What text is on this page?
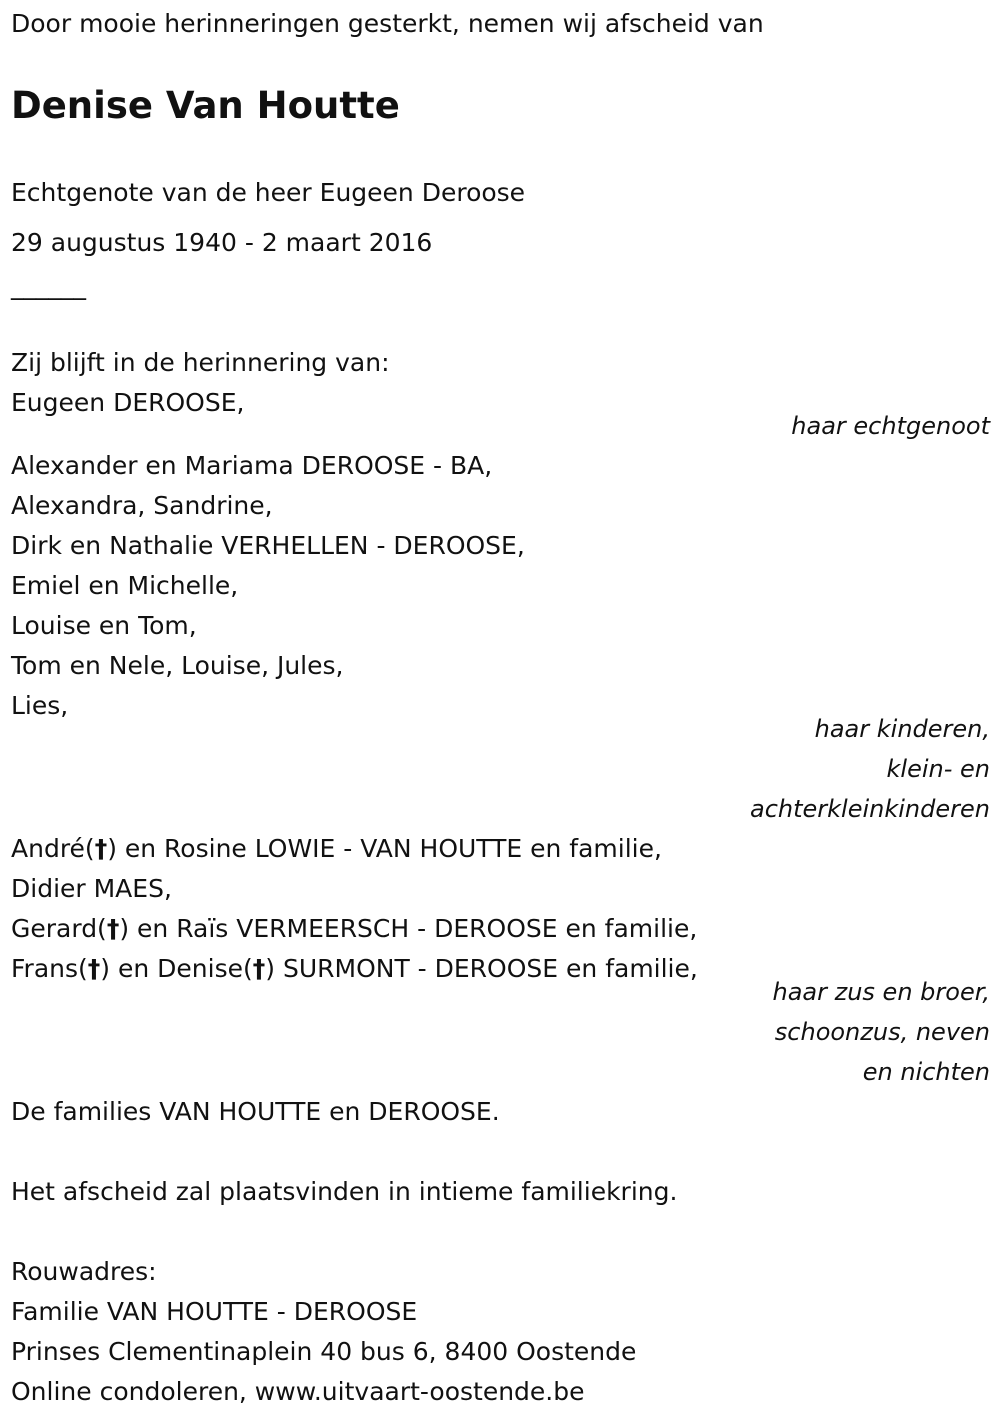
Door mooie herinneringen gesterkt, nemen wij afscheid van
Denise Van Houtte
Echtgenote van de heer Eugeen Deroose
29 augustus 1940 - 2 maart 2016
______
Zij blijft in de herinnering van:
Eugeen DEROOSE,
haar echtgenoot
Alexander en Mariama DEROOSE - BA,
Alexandra, Sandrine,
Dirk en Nathalie VERHELLEN - DEROOSE,
Emiel en Michelle,
Louise en Tom,
Tom en Nele, Louise, Jules,
Lies,
haar kinderen,
klein- en
achterkleinkinderen
André(†) en Rosine LOWIE - VAN HOUTTE en familie,
Didier MAES,
Gerard(†) en Raïs VERMEERSCH - DEROOSE en familie,
Frans(†) en Denise(†) SURMONT - DEROOSE en familie,
haar zus en broer,
schoonzus, neven
en nichten
De families VAN HOUTTE en DEROOSE.
Het afscheid zal plaatsvinden in intieme familiekring.
Rouwadres:
Familie VAN HOUTTE - DEROOSE
Prinses Clementinaplein 40 bus 6, 8400 Oostende
Online condoleren, www.uitvaart-oostende.be
